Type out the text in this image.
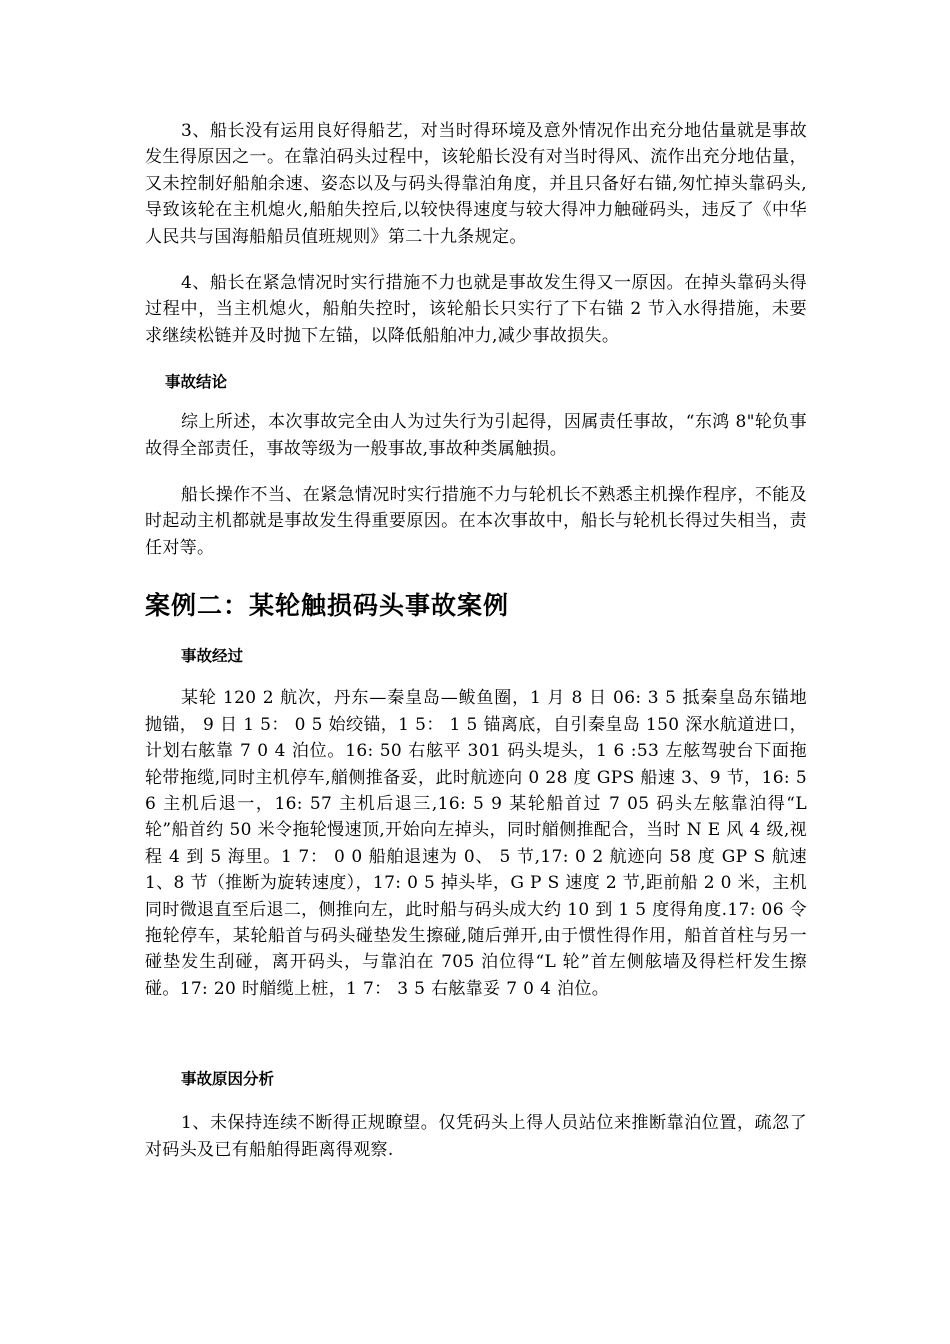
3、船长没有运用良好得船艺，对当时得环境及意外情况作出充分地估量就是事故发生得原因之一。在靠泊码头过程中，该轮船长没有对当时得风、流作出充分地估量，又未控制好船舶余速、姿态以及与码头得靠泊角度，并且只备好右锚,匆忙掉头靠码头,导致该轮在主机熄火,船舶失控后,以较快得速度与较大得冲力触碰码头，违反了《中华人民共与国海船船员值班规则》第二十九条规定。

4、船长在紧急情况时实行措施不力也就是事故发生得又一原因。在掉头靠码头得过程中，当主机熄火，船舶失控时，该轮船长只实行了下右锚 2 节入水得措施，未要求继续松链并及时抛下左锚，以降低船舶冲力,减少事故损失。

事故结论

综上所述，本次事故完全由人为过失行为引起得，因属责任事故，“东鸿 8"轮负事故得全部责任，事故等级为一般事故,事故种类属触损。

船长操作不当、在紧急情况时实行措施不力与轮机长不熟悉主机操作程序，不能及时起动主机都就是事故发生得重要原因。在本次事故中，船长与轮机长得过失相当，责任对等。

案例二：某轮触损码头事故案例
事故经过

某轮 120 2 航次，丹东—秦皇岛—鲅鱼圈，1 月 8 日 06: 3 5 抵秦皇岛东锚地抛锚， 9 日 1 5： 0 5 始绞锚，1 5： 1 5 锚离底，自引秦皇岛 150 深水航道进口，计划右舷靠 7 0 4 泊位。16: 50 右舷平 301 码头堤头，1 6 :53 左舷驾驶台下面拖轮带拖缆,同时主机停车,艏侧推备妥，此时航迹向 0 28 度 GPS 船速 3、9 节，16: 56 主机后退一，16: 57 主机后退三,16: 5 9 某轮船首过 7 05 码头左舷靠泊得“L 轮”船首约 50 米令拖轮慢速顶,开始向左掉头，同时艏侧推配合，当时 N E 风 4 级,视程 4 到 5 海里。1 7： 0 0 船舶退速为 0、 5 节,17: 0 2 航迹向 58 度 GP S 航速 1、8 节（推断为旋转速度），17: 0 5 掉头毕，G P S 速度 2 节,距前船 2 0 米，主机同时微退直至后退二，侧推向左，此时船与码头成大约 10 到 1 5 度得角度.17: 06 令拖轮停车，某轮船首与码头碰垫发生擦碰,随后弹开,由于惯性得作用，船首首柱与另一碰垫发生刮碰，离开码头，与靠泊在 705 泊位得“L 轮”首左侧舷墙及得栏杆发生擦碰。17: 20 时艏缆上桩，1 7： 3 5 右舷靠妥 7 0 4 泊位。

事故原因分析

1、未保持连续不断得正规瞭望。仅凭码头上得人员站位来推断靠泊位置，疏忽了对码头及已有船舶得距离得观察.
